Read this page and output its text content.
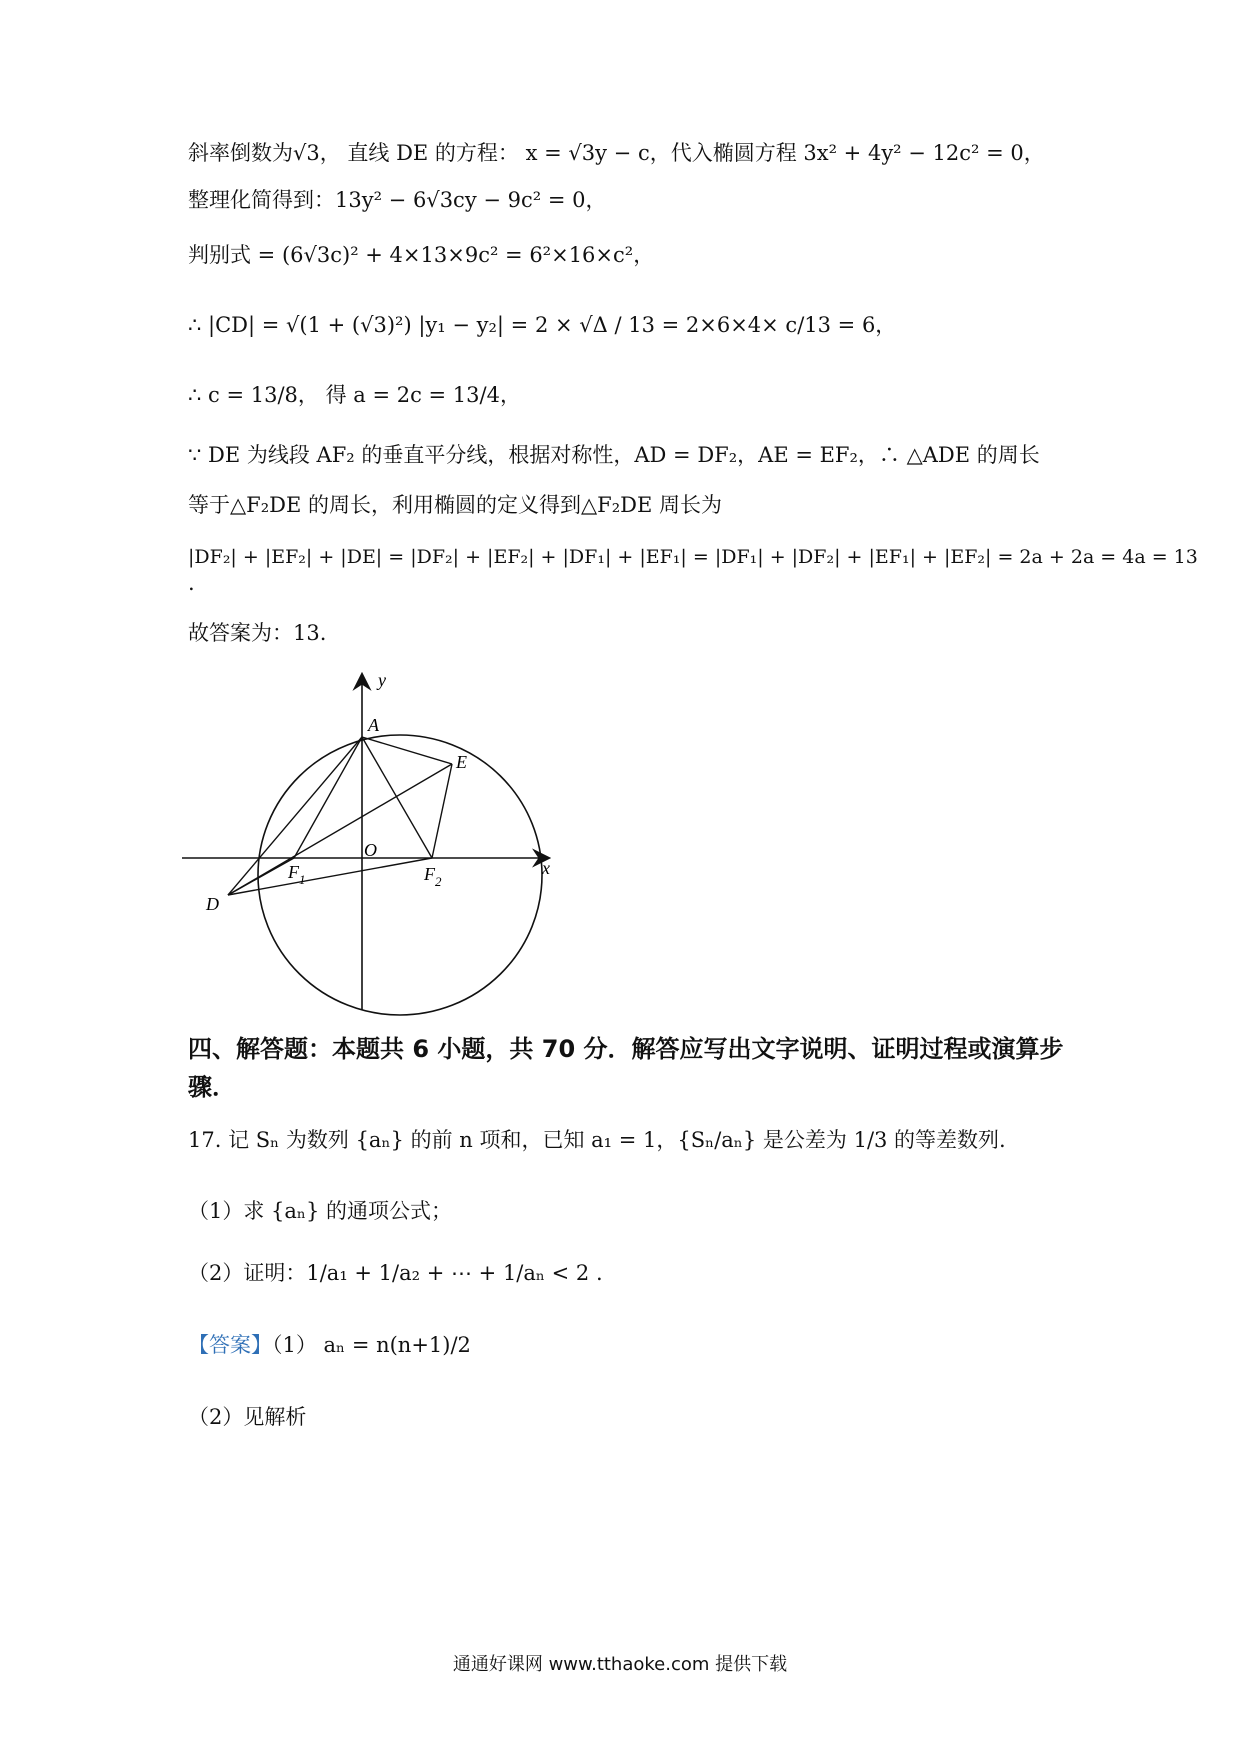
斜率倒数为√3， 直线 DE 的方程： x = √3y − c，代入椭圆方程 3x² + 4y² − 12c² = 0，
整理化简得到：13y² − 6√3cy − 9c² = 0，
判别式 = (6√3c)² + 4×13×9c² = 6²×16×c²，
∴ |CD| = √(1 + (√3)²) |y₁ − y₂| = 2 × √Δ / 13 = 2×6×4× c/13 = 6，
∴ c = 13/8， 得 a = 2c = 13/4，
∵ DE 为线段 AF₂ 的垂直平分线，根据对称性，AD = DF₂，AE = EF₂，∴ △ADE 的周长
等于△F₂DE 的周长，利用椭圆的定义得到△F₂DE 周长为
|DF₂| + |EF₂| + |DE| = |DF₂| + |EF₂| + |DF₁| + |EF₁| = |DF₁| + |DF₂| + |EF₁| + |EF₂| = 2a + 2a = 4a = 13
.
故答案为：13.
y
A
E
O
x
$F_1$	$F_2$
D
四、解答题：本题共 6 小题，共 70 分．解答应写出文字说明、证明过程或演算步骤．
17. 记 Sₙ 为数列 {aₙ} 的前 n 项和，已知 a₁ = 1，{Sₙ/aₙ} 是公差为 1/3 的等差数列.
（1）求 {aₙ} 的通项公式；
（2）证明：1/a₁ + 1/a₂ + ⋯ + 1/aₙ < 2 .
【答案】（1） aₙ = n(n+1)/2
（2）见解析
通通好课网 www.tthaoke.com 提供下载
